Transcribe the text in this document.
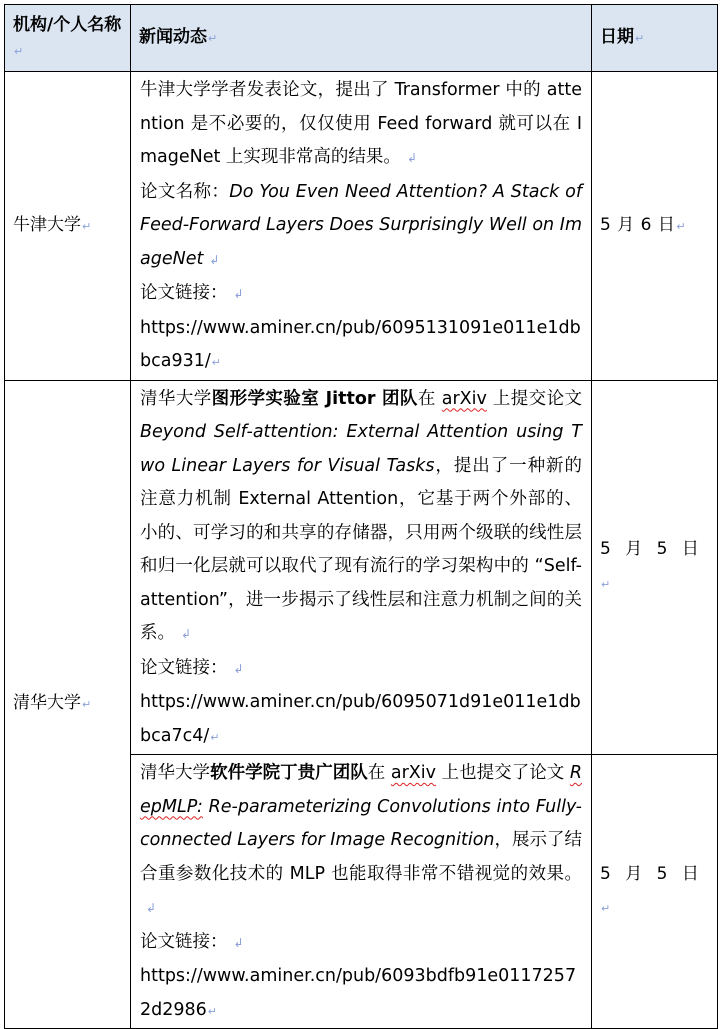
机构/个人名称↵	新闻动态↵	日期↵
牛津大学↵	牛津大学学者发表论文，提出了 Transformer 中的 attention 是不必要的，仅仅使用 Feed forward 就可以在 ImageNet 上实现非常高的结果。 ↲
论文名称：Do You Even Need Attention? A Stack of Feed-Forward Layers Does Surprisingly Well on ImageNet ↲
论文链接： ↲
https://www.aminer.cn/pub/6095131091e011e1dbbca931/↵	5 月 6 日↵
清华大学↵	清华大学图形学实验室 Jittor 团队在 arXiv 上提交论文 Beyond Self-attention: External Attention using Two Linear Layers for Visual Tasks，提出了一种新的注意力机制 External Attention，它基于两个外部的、小的、可学习的和共享的存储器，只用两个级联的线性层和归一化层就可以取代了现有流行的学习架构中的 “Self-attention”，进一步揭示了线性层和注意力机制之间的关系。 ↲
论文链接： ↲
https://www.aminer.cn/pub/6095071d91e011e1dbbca7c4/↵	5 月 5 日↵

	清华大学软件学院丁贵广团队在 arXiv 上也提交了论文 RepMLP: Re-parameterizing Convolutions into Fully-connected Layers for Image Recognition，展示了结合重参数化技术的 MLP 也能取得非常不错视觉的效果。↲
论文链接： ↲
https://www.aminer.cn/pub/6093bdfb91e01172572d2986↵	5 月 5 日↵
